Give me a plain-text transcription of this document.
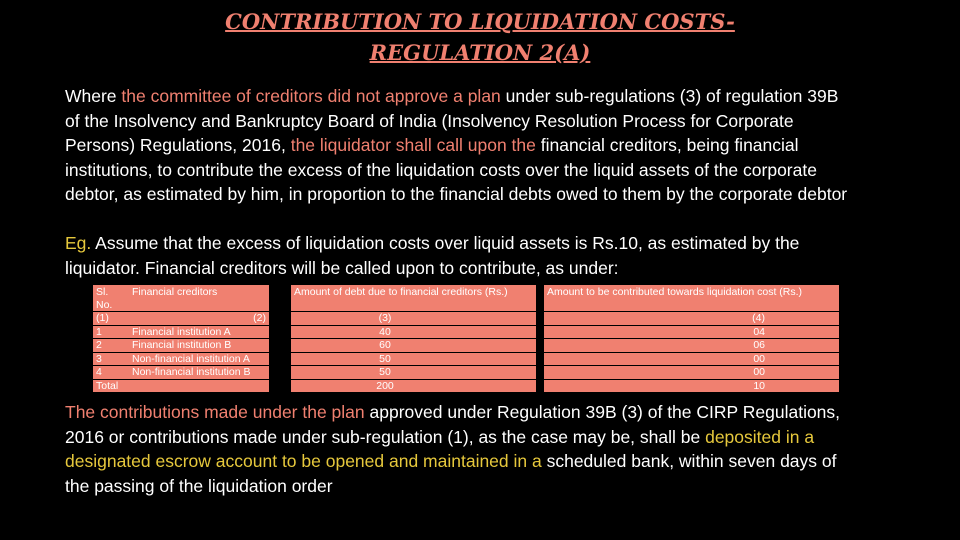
CONTRIBUTION TO LIQUIDATION COSTS-
REGULATION 2(A)

Where the committee of creditors did not approve a plan under sub-regulations (3) of regulation 39B of the Insolvency and Bankruptcy Board of India (Insolvency Resolution Process for Corporate Persons) Regulations, 2016, the liquidator shall call upon the financial creditors, being financial institutions, to contribute the excess of the liquidation costs over the liquid assets of the corporate debtor, as estimated by him, in proportion to the financial debts owed to them by the corporate debtor

Eg. Assume that the excess of liquidation costs over liquid assets is Rs.10, as estimated by the liquidator. Financial creditors will be called upon to contribute, as under:

Sl. No.	Financial creditors		Amount of debt due to financial creditors (Rs.)		Amount to be contributed towards liquidation cost (Rs.)
(1)	(2)		(3)		(4)
1	Financial institution A		40		04
2	Financial institution B		60		06
3	Non-financial institution A		50		00
4	Non-financial institution B		50		00
Total			200		10

The contributions made under the plan approved under Regulation 39B (3) of the CIRP Regulations, 2016 or contributions made under sub-regulation (1), as the case may be, shall be deposited in a designated escrow account to be opened and maintained in a scheduled bank, within seven days of the passing of the liquidation order
